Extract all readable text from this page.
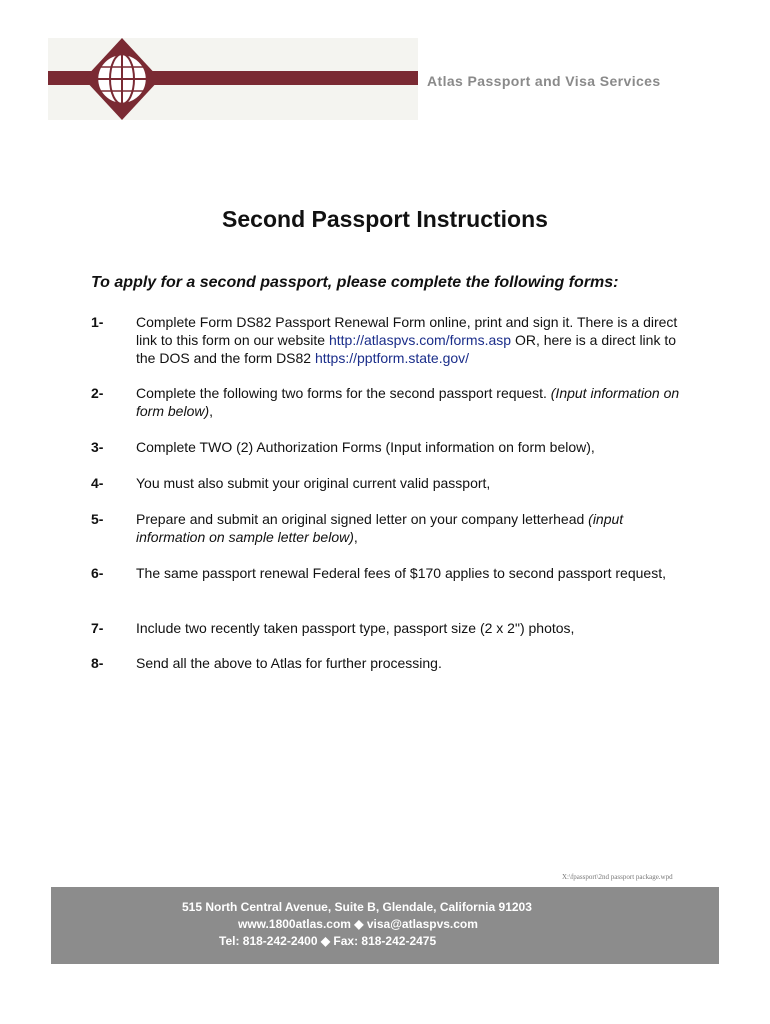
Atlas Passport and Visa Services
Second Passport Instructions
To apply for a second passport, please complete the following forms:
1- Complete Form DS82 Passport Renewal Form online, print and sign it. There is a direct link to this form on our website http://atlaspvs.com/forms.asp OR, here is a direct link to the DOS and the form DS82 https://pptform.state.gov/
2- Complete the following two forms for the second passport request. (Input information on form below),
3- Complete TWO (2) Authorization Forms (Input information on form below),
4- You must also submit your original current valid passport,
5- Prepare and submit an original signed letter on your company letterhead (input information on sample letter below),
6- The same passport renewal Federal fees of $170 applies to second passport request,
7- Include two recently taken passport type, passport size (2 x 2") photos,
8- Send all the above to Atlas for further processing.
X:\fpassport\2nd passport package.wpd
515 North Central Avenue, Suite B, Glendale, California 91203
www.1800atlas.com ◆ visa@atlaspvs.com
Tel: 818-242-2400 ◆ Fax: 818-242-2475
